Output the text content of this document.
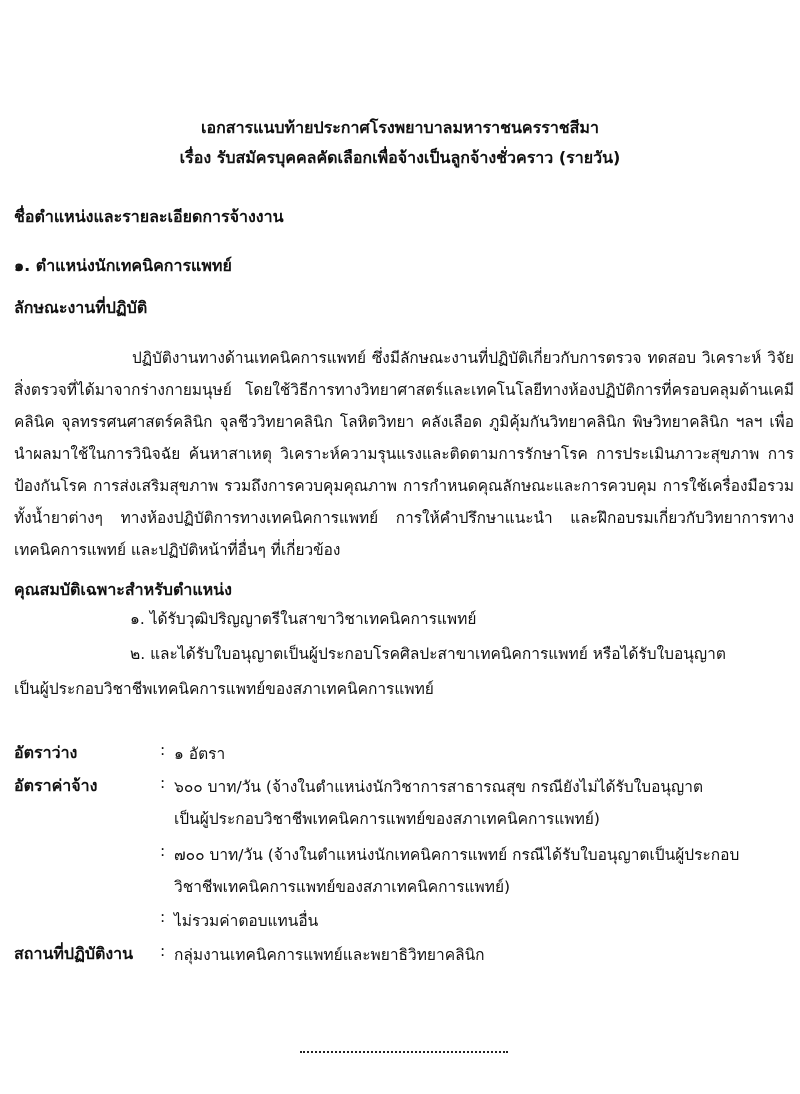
เอกสารแนบท้ายประกาศโรงพยาบาลมหาราชนครราชสีมา
เรื่อง รับสมัครบุคคลคัดเลือกเพื่อจ้างเป็นลูกจ้างชั่วคราว (รายวัน)
ชื่อตำแหน่งและรายละเอียดการจ้างงาน
๑. ตำแหน่งนักเทคนิคการแพทย์
ลักษณะงานที่ปฏิบัติ
ปฏิบัติงานทางด้านเทคนิคการแพทย์ ซึ่งมีลักษณะงานที่ปฏิบัติเกี่ยวกับการตรวจ ทดสอบ วิเคราะห์ วิจัยสิ่งตรวจที่ได้มาจากร่างกายมนุษย์ โดยใช้วิธีการทางวิทยาศาสตร์และเทคโนโลยีทางห้องปฏิบัติการที่ครอบคลุมด้านเคมีคลินิค จุลทรรศนศาสตร์คลินิก จุลชีววิทยาคลินิก โลหิตวิทยา คลังเลือด ภูมิคุ้มกันวิทยาคลินิก พิษวิทยาคลินิก ฯลฯ เพื่อนำผลมาใช้ในการวินิจฉัย ค้นหาสาเหตุ วิเคราะห์ความรุนแรงและติดตามการรักษาโรค การประเมินภาวะสุขภาพ การป้องกันโรค การส่งเสริมสุขภาพ รวมถึงการควบคุมคุณภาพ การกำหนดคุณลักษณะและการควบคุม การใช้เครื่องมือรวมทั้งน้ำยาต่างๆ ทางห้องปฏิบัติการทางเทคนิคการแพทย์ การให้คำปรึกษาแนะนำ และฝึกอบรมเกี่ยวกับวิทยาการทางเทคนิคการแพทย์ และปฏิบัติหน้าที่อื่นๆ ที่เกี่ยวข้อง
คุณสมบัติเฉพาะสำหรับตำแหน่ง
๑. ได้รับวุฒิปริญญาตรีในสาขาวิชาเทคนิคการแพทย์
๒. และได้รับใบอนุญาตเป็นผู้ประกอบโรคศิลปะสาขาเทคนิคการแพทย์ หรือได้รับใบอนุญาต
เป็นผู้ประกอบวิชาชีพเทคนิคการแพทย์ของสภาเทคนิคการแพทย์
อัตราว่าง	: ๑ อัตรา
อัตราค่าจ้าง	: ๖๐๐ บาท/วัน (จ้างในตำแหน่งนักวิชาการสาธารณสุข กรณียังไม่ได้รับใบอนุญาต
เป็นผู้ประกอบวิชาชีพเทคนิคการแพทย์ของสภาเทคนิคการแพทย์)
: ๗๐๐ บาท/วัน (จ้างในตำแหน่งนักเทคนิคการแพทย์ กรณีได้รับใบอนุญาตเป็นผู้ประกอบ
วิชาชีพเทคนิคการแพทย์ของสภาเทคนิคการแพทย์)
: ไม่รวมค่าตอบแทนอื่น
สถานที่ปฏิบัติงาน : กลุ่มงานเทคนิคการแพทย์และพยาธิวิทยาคลินิก
